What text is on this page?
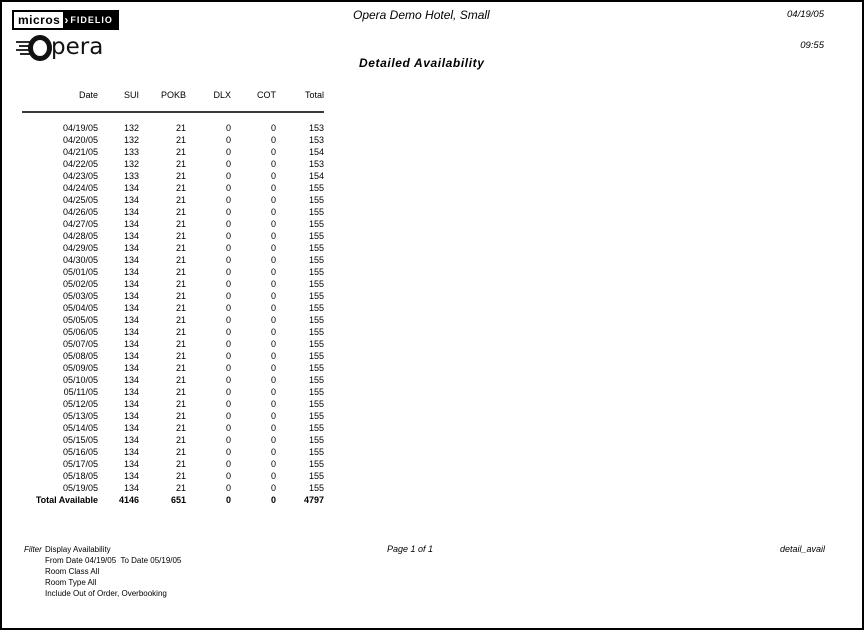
micros › FIDELIO
pera
Opera Demo Hotel, Small	04/19/05
09:55
Detailed Availability
Date	SUI	POKB	DLX	COT	Total
04/19/05	132	21	0	0	153
04/20/05	132	21	0	0	153
04/21/05	133	21	0	0	154
04/22/05	132	21	0	0	153
04/23/05	133	21	0	0	154
04/24/05	134	21	0	0	155
04/25/05	134	21	0	0	155
04/26/05	134	21	0	0	155
04/27/05	134	21	0	0	155
04/28/05	134	21	0	0	155
04/29/05	134	21	0	0	155
04/30/05	134	21	0	0	155
05/01/05	134	21	0	0	155
05/02/05	134	21	0	0	155
05/03/05	134	21	0	0	155
05/04/05	134	21	0	0	155
05/05/05	134	21	0	0	155
05/06/05	134	21	0	0	155
05/07/05	134	21	0	0	155
05/08/05	134	21	0	0	155
05/09/05	134	21	0	0	155
05/10/05	134	21	0	0	155
05/11/05	134	21	0	0	155
05/12/05	134	21	0	0	155
05/13/05	134	21	0	0	155
05/14/05	134	21	0	0	155
05/15/05	134	21	0	0	155
05/16/05	134	21	0	0	155
05/17/05	134	21	0	0	155
05/18/05	134	21	0	0	155
05/19/05	134	21	0	0	155
Total Available	4146	651	0	0	4797
Filter Display Availability
From Date 04/19/05  To Date 05/19/05
Room Class All
Room Type All
Include Out of Order, Overbooking
Page 1 of 1	detail_avail
